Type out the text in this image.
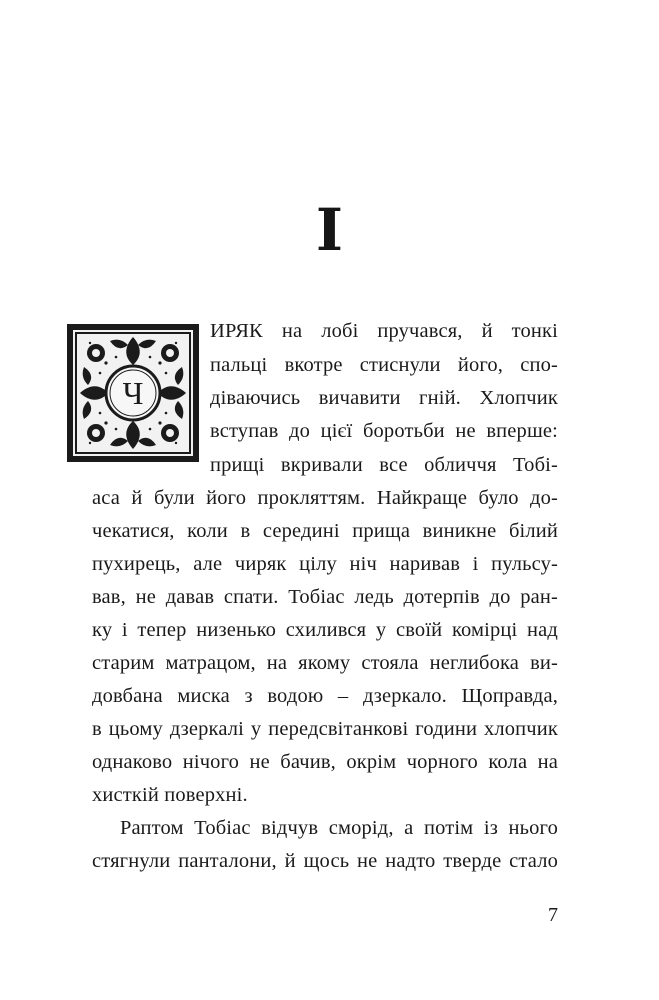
I
Ч
ИРЯК на лобі пручався, й тонкі
пальці вкотре стиснули його, спо-
діваючись вичавити гній. Хлопчик
вступав до цієї боротьби не вперше:
прищі вкривали все обличчя Тобі-
аса й були його прокляттям. Найкраще було до-
чекатися, коли в середині прища виникне білий
пухирець, але чиряк цілу ніч наривав і пульсу-
вав, не давав спати. Тобіас ледь дотерпів до ран-
ку і тепер низенько схилився у своїй комірці над
старим матрацом, на якому стояла неглибока ви-
довбана миска з водою – дзеркало. Щоправда,
в цьому дзеркалі у передсвітанкові години хлопчик
однаково нічого не бачив, окрім чорного кола на
хисткій поверхні.
Раптом Тобіас відчув сморід, а потім із нього
стягнули панталони, й щось не надто тверде стало
7
